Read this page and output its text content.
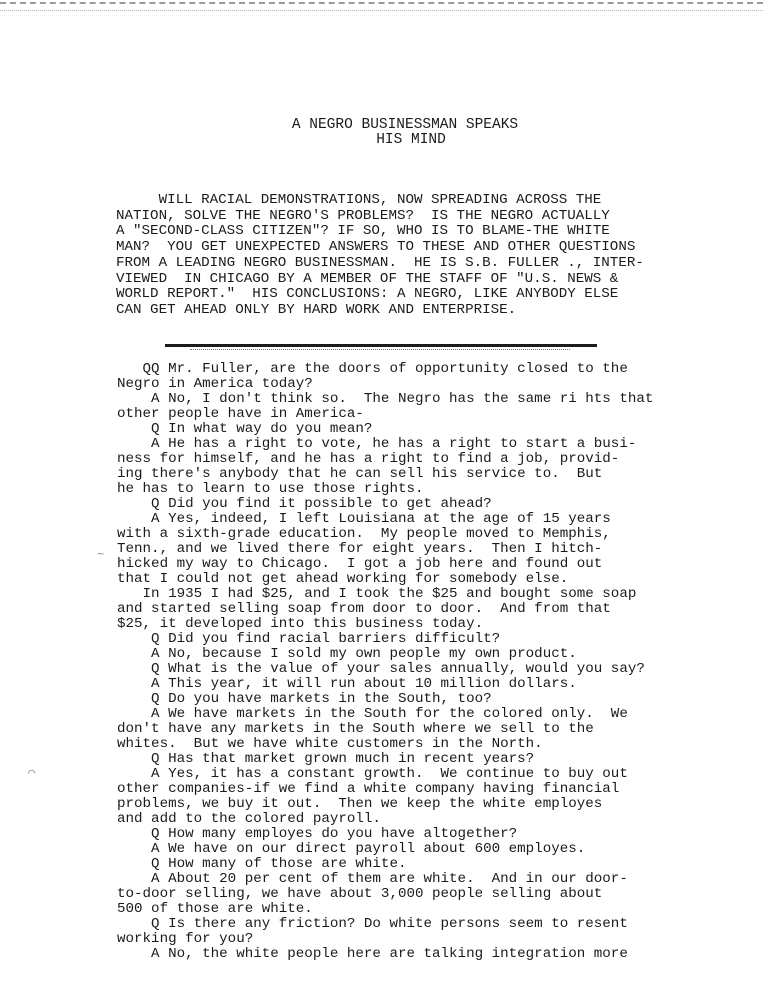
A NEGRO BUSINESSMAN SPEAKS
HIS MIND
WILL RACIAL DEMONSTRATIONS, NOW SPREADING ACROSS THE
NATION, SOLVE THE NEGRO'S PROBLEMS?  IS THE NEGRO ACTUALLY
A "SECOND-CLASS CITIZEN"? IF SO, WHO IS TO BLAME-THE WHITE
MAN?  YOU GET UNEXPECTED ANSWERS TO THESE AND OTHER QUESTIONS
FROM A LEADING NEGRO BUSINESSMAN.  HE IS S.B. FULLER ., INTER-
VIEWED  IN CHICAGO BY A MEMBER OF THE STAFF OF "U.S. NEWS &
WORLD REPORT."  HIS CONCLUSIONS: A NEGRO, LIKE ANYBODY ELSE
CAN GET AHEAD ONLY BY HARD WORK AND ENTERPRISE.
QQ Mr. Fuller, are the doors of opportunity closed to the
Negro in America today?
A No, I don't think so.  The Negro has the same ri hts that
other people have in America-
Q In what way do you mean?
A He has a right to vote, he has a right to start a busi-
ness for himself, and he has a right to find a job, provid-
ing there's anybody that he can sell his service to.  But
he has to learn to use those rights.
Q Did you find it possible to get ahead?
A Yes, indeed, I left Louisiana at the age of 15 years
with a sixth-grade education.  My people moved to Memphis,
Tenn., and we lived there for eight years.  Then I hitch-
hicked my way to Chicago.  I got a job here and found out
that I could not get ahead working for somebody else.
In 1935 I had $25, and I took the $25 and bought some soap
and started selling soap from door to door.  And from that
$25, it developed into this business today.
Q Did you find racial barriers difficult?
A No, because I sold my own people my own product.
Q What is the value of your sales annually, would you say?
A This year, it will run about 10 million dollars.
Q Do you have markets in the South, too?
A We have markets in the South for the colored only.  We
don't have any markets in the South where we sell to the
whites.  But we have white customers in the North.
Q Has that market grown much in recent years?
A Yes, it has a constant growth.  We continue to buy out
other companies-if we find a white company having financial
problems, we buy it out.  Then we keep the white employes
and add to the colored payroll.
Q How many employes do you have altogether?
A We have on our direct payroll about 600 employes.
Q How many of those are white.
A About 20 per cent of them are white.  And in our door-
to-door selling, we have about 3,000 people selling about
500 of those are white.
Q Is there any friction? Do white persons seem to resent
working for you?
A No, the white people here are talking integration more
~
⌒
